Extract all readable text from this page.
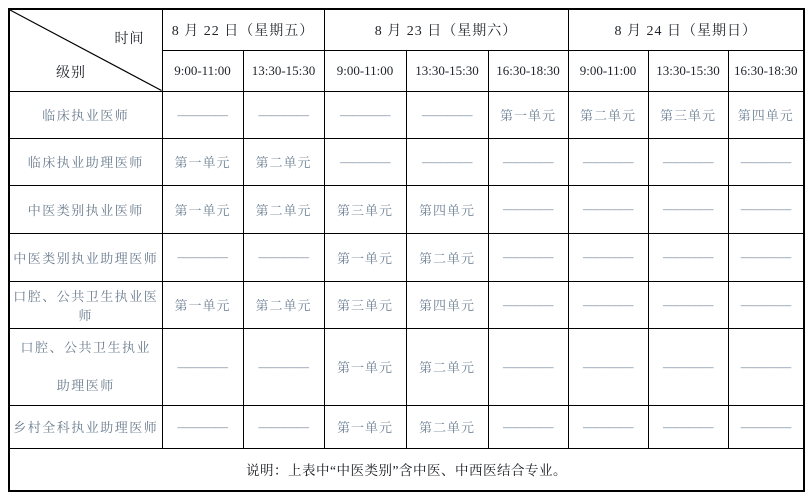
时间
级别	8 月 22 日（星期五）		8 月 23 日（星期六）			8 月 24 日（星期日）		
	9:00-11:00	13:30-15:30	9:00-11:00	13:30-15:30	16:30-18:30	9:00-11:00	13:30-15:30	16:30-18:30
临床执业医师	————	————	————	————	第一单元	第二单元	第三单元	第四单元
临床执业助理医师	第一单元	第二单元	————	————	————	————	————	————
中医类别执业医师	第一单元	第二单元	第三单元	第四单元	————	————	————	————
中医类别执业助理医师	————	————	第一单元	第二单元	————	————	————	————
口腔、公共卫生执业医师	第一单元	第二单元	第三单元	第四单元	————	————	————	————

口腔、公共卫生执业
助理医师	————	————	第一单元	第二单元	————	————	————	————
乡村全科执业助理医师	————	————	第一单元	第二单元	————	————	————	————
说明：上表中“中医类别”含中医、中西医结合专业。								
